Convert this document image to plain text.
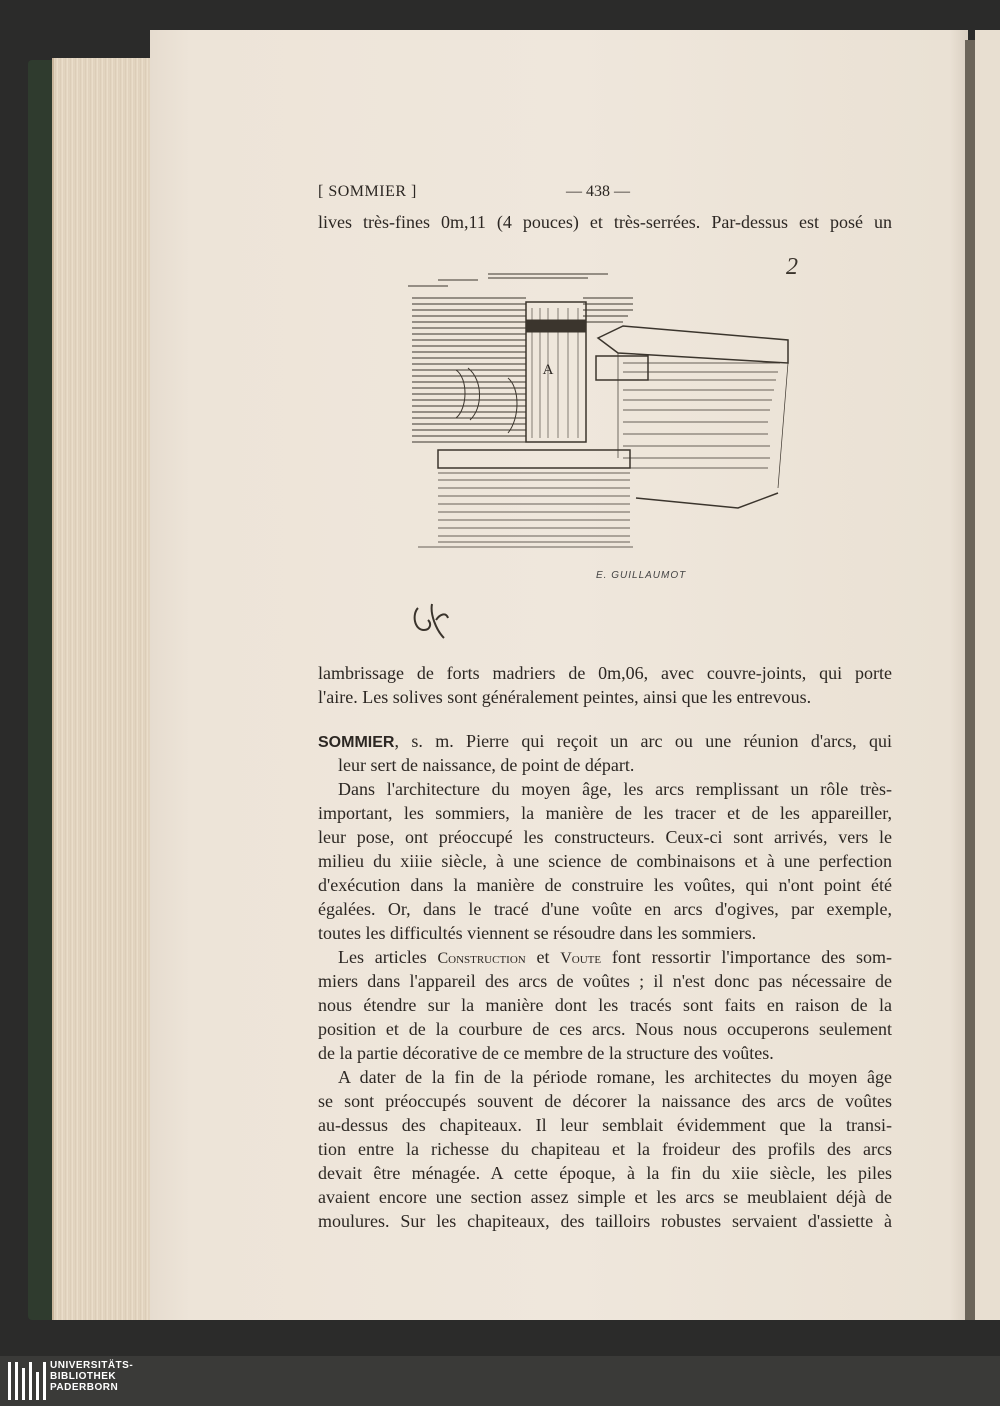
[ SOMMIER ]	— 438 —
lives très-fines 0m,11 (4 pouces) et très-serrées. Par-dessus est posé un
2
A
E. GUILLAUMOT
lambrissage de forts madriers de 0m,06, avec couvre-joints, qui porte
l'aire. Les solives sont généralement peintes, ainsi que les entrevous.
SOMMIER, s. m. Pierre qui reçoit un arc ou une réunion d'arcs, qui
leur sert de naissance, de point de départ.
Dans l'architecture du moyen âge, les arcs remplissant un rôle très-
important, les sommiers, la manière de les tracer et de les appareiller,
leur pose, ont préoccupé les constructeurs. Ceux-ci sont arrivés, vers le
milieu du xiiie siècle, à une science de combinaisons et à une perfection
d'exécution dans la manière de construire les voûtes, qui n'ont point été
égalées. Or, dans le tracé d'une voûte en arcs d'ogives, par exemple,
toutes les difficultés viennent se résoudre dans les sommiers.
Les articles Construction et Voute font ressortir l'importance des som-
miers dans l'appareil des arcs de voûtes ; il n'est donc pas nécessaire de
nous étendre sur la manière dont les tracés sont faits en raison de la
position et de la courbure de ces arcs. Nous nous occuperons seulement
de la partie décorative de ce membre de la structure des voûtes.
A dater de la fin de la période romane, les architectes du moyen âge
se sont préoccupés souvent de décorer la naissance des arcs de voûtes
au-dessus des chapiteaux. Il leur semblait évidemment que la transi-
tion entre la richesse du chapiteau et la froideur des profils des arcs
devait être ménagée. A cette époque, à la fin du xiie siècle, les piles
avaient encore une section assez simple et les arcs se meublaient déjà de
moulures. Sur les chapiteaux, des tailloirs robustes servaient d'assiette à
UNIVERSITÄTS-
BIBLIOTHEK
PADERBORN
